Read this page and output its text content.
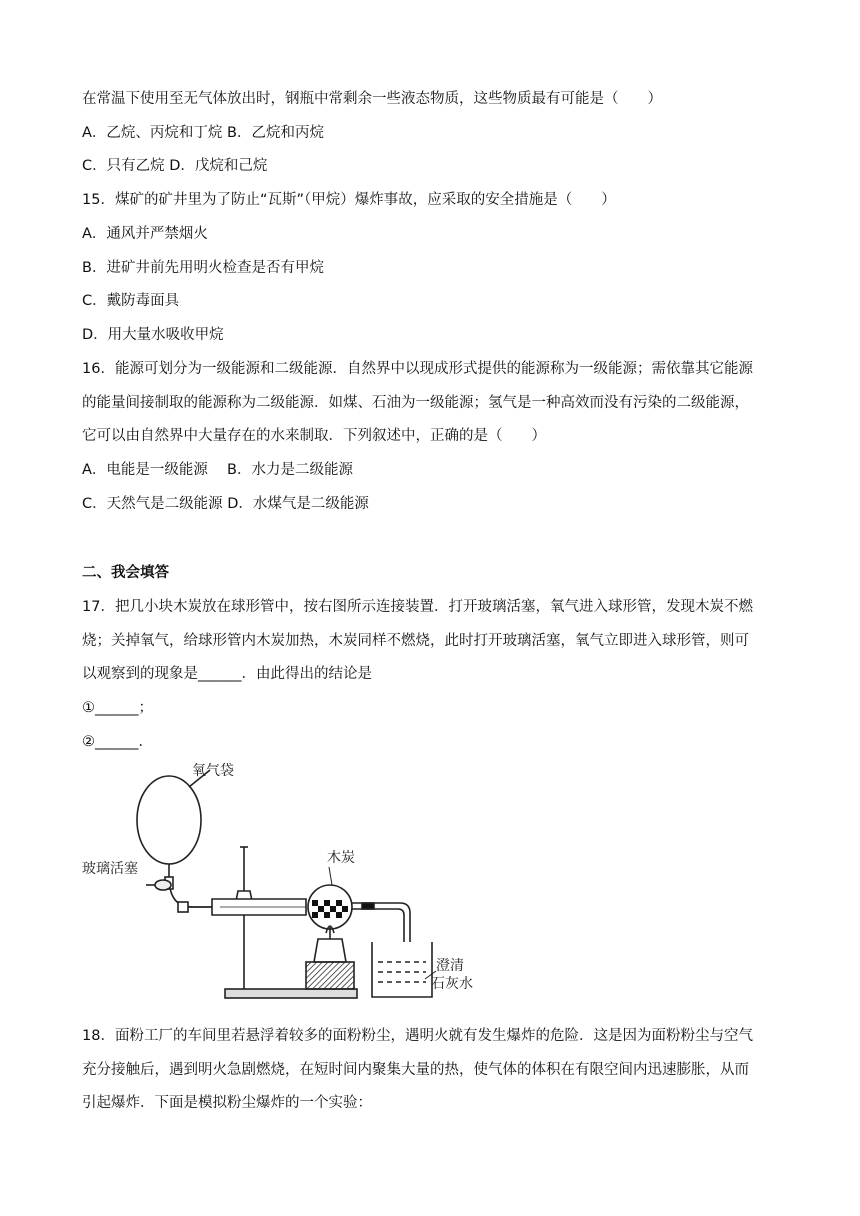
在常温下使用至无气体放出时，钢瓶中常剩余一些液态物质，这些物质最有可能是（　　）
A．乙烷、丙烷和丁烷 B．乙烷和丙烷
C．只有乙烷 D．戊烷和己烷
15．煤矿的矿井里为了防止“瓦斯”（甲烷）爆炸事故，应采取的安全措施是（　　）
A．通风并严禁烟火
B．进矿井前先用明火检查是否有甲烷
C．戴防毒面具
D．用大量水吸收甲烷
16．能源可划分为一级能源和二级能源．自然界中以现成形式提供的能源称为一级能源；需依靠其它能源
的能量间接制取的能源称为二级能源．如煤、石油为一级能源；氢气是一种高效而没有污染的二级能源，
它可以由自然界中大量存在的水来制取．下列叙述中，正确的是（　　）
A．电能是一级能源　 B．水力是二级能源
C．天然气是二级能源 D．水煤气是二级能源
二、我会填答
17．把几小块木炭放在球形管中，按右图所示连接装置．打开玻璃活塞，氧气进入球形管，发现木炭不燃
烧；关掉氧气，给球形管内木炭加热，木炭同样不燃烧，此时打开玻璃活塞，氧气立即进入球形管，则可
以观察到的现象是______．由此得出的结论是
①______；
②______．
氧气袋
玻璃活塞
木炭
澄清
石灰水
18．面粉工厂的车间里若悬浮着较多的面粉粉尘，遇明火就有发生爆炸的危险．这是因为面粉粉尘与空气
充分接触后，遇到明火急剧燃烧，在短时间内聚集大量的热，使气体的体积在有限空间内迅速膨胀，从而
引起爆炸．下面是模拟粉尘爆炸的一个实验：
